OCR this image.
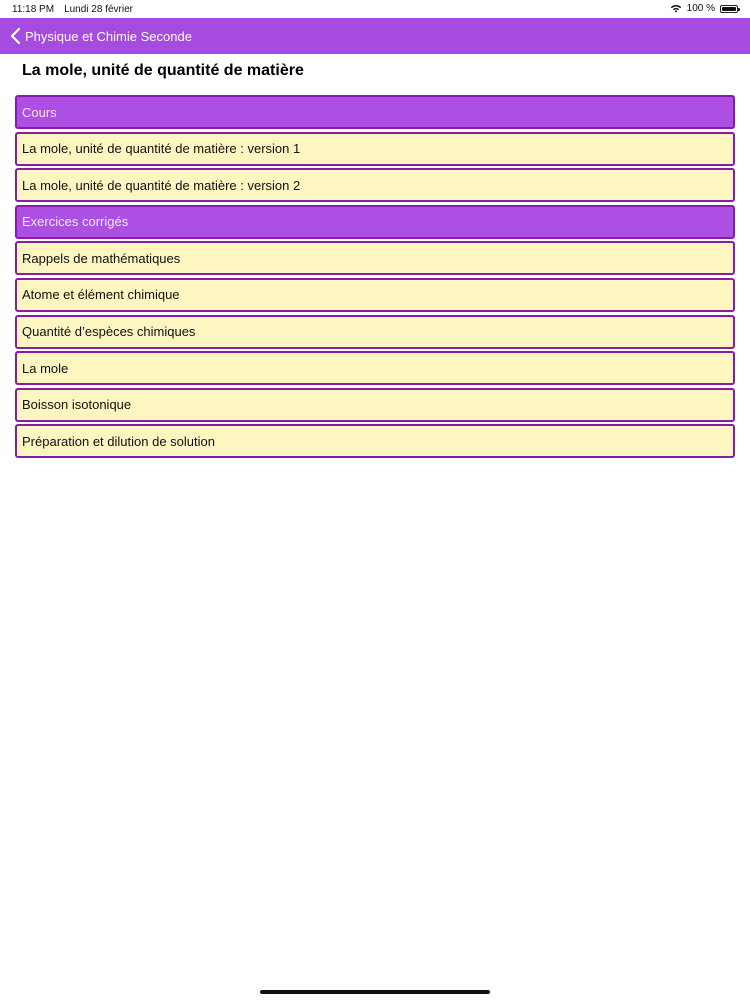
11:18 PM Lundi 28 février	100 %
Physique et Chimie Seconde
La mole, unité de quantité de matière
Cours
La mole, unité de quantité de matière : version 1
La mole, unité de quantité de matière : version 2
Exercices corrigés
Rappels de mathématiques
Atome et élément chimique
Quantité d’espèces chimiques
La mole
Boisson isotonique
Préparation et dilution de solution
